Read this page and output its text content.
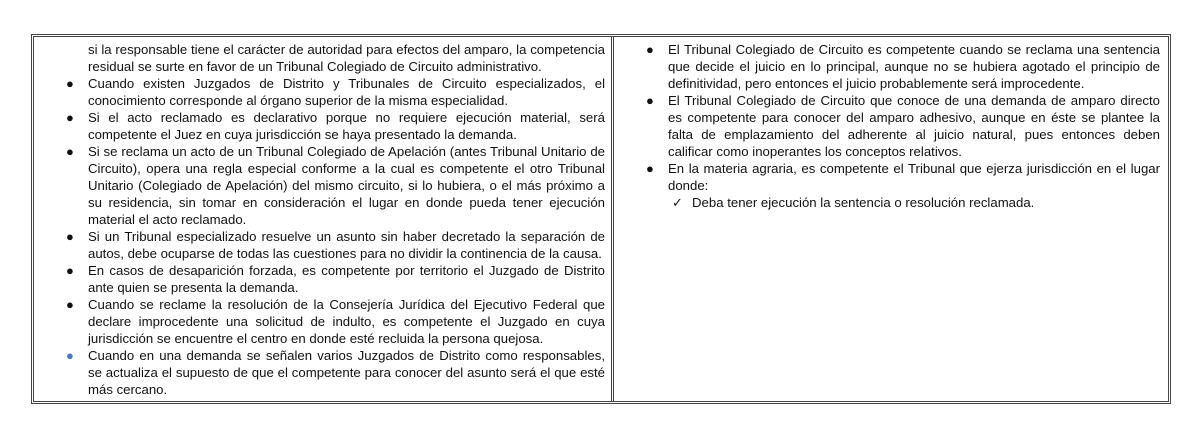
si la responsable tiene el carácter de autoridad para efectos del amparo, la competencia residual se surte en favor de un Tribunal Colegiado de Circuito administrativo.
● Cuando existen Juzgados de Distrito y Tribunales de Circuito especializados, el conocimiento corresponde al órgano superior de la misma especialidad.
● Si el acto reclamado es declarativo porque no requiere ejecución material, será competente el Juez en cuya jurisdicción se haya presentado la demanda.
● Si se reclama un acto de un Tribunal Colegiado de Apelación (antes Tribunal Unitario de Circuito), opera una regla especial conforme a la cual es competente el otro Tribunal Unitario (Colegiado de Apelación) del mismo circuito, si lo hubiera, o el más próximo a su residencia, sin tomar en consideración el lugar en donde pueda tener ejecución material el acto reclamado.
● Si un Tribunal especializado resuelve un asunto sin haber decretado la separación de autos, debe ocuparse de todas las cuestiones para no dividir la continencia de la causa.
● En casos de desaparición forzada, es competente por territorio el Juzgado de Distrito ante quien se presenta la demanda.
● Cuando se reclame la resolución de la Consejería Jurídica del Ejecutivo Federal que declare improcedente una solicitud de indulto, es competente el Juzgado en cuya jurisdicción se encuentre el centro en donde esté recluida la persona quejosa.
● Cuando en una demanda se señalen varios Juzgados de Distrito como responsables, se actualiza el supuesto de que el competente para conocer del asunto será el que esté más cercano.
● El Tribunal Colegiado de Circuito es competente cuando se reclama una sentencia que decide el juicio en lo principal, aunque no se hubiera agotado el principio de definitividad, pero entonces el juicio probablemente será improcedente.
● El Tribunal Colegiado de Circuito que conoce de una demanda de amparo directo es competente para conocer del amparo adhesivo, aunque en éste se plantee la falta de emplazamiento del adherente al juicio natural, pues entonces deben calificar como inoperantes los conceptos relativos.
● En la materia agraria, es competente el Tribunal que ejerza jurisdicción en el lugar donde:
✓ Deba tener ejecución la sentencia o resolución reclamada.
